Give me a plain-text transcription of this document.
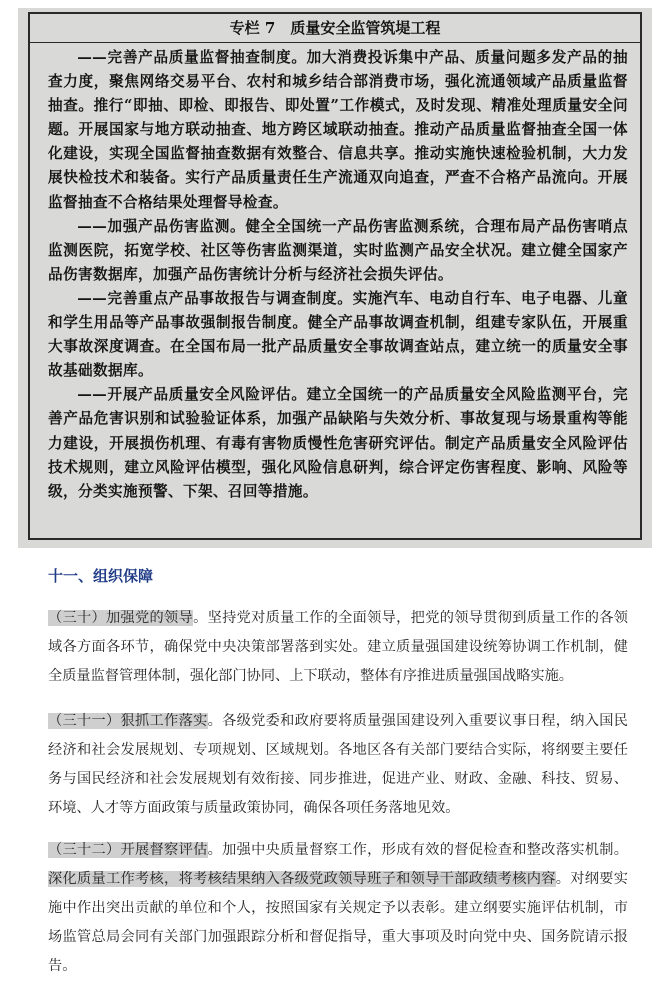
专栏 7　质量安全监管筑堤工程

——完善产品质量监督抽查制度。加大消费投诉集中产品、质量问题多发产品的抽查力度，聚焦网络交易平台、农村和城乡结合部消费市场，强化流通领域产品质量监督抽查。推行“即抽、即检、即报告、即处置”工作模式，及时发现、精准处理质量安全问题。开展国家与地方联动抽查、地方跨区域联动抽查。推动产品质量监督抽查全国一体化建设，实现全国监督抽查数据有效整合、信息共享。推动实施快速检验机制，大力发展快检技术和装备。实行产品质量责任生产流通双向追查，严查不合格产品流向。开展监督抽查不合格结果处理督导检查。

——加强产品伤害监测。健全全国统一产品伤害监测系统，合理布局产品伤害哨点监测医院，拓宽学校、社区等伤害监测渠道，实时监测产品安全状况。建立健全国家产品伤害数据库，加强产品伤害统计分析与经济社会损失评估。

——完善重点产品事故报告与调查制度。实施汽车、电动自行车、电子电器、儿童和学生用品等产品事故强制报告制度。健全产品事故调查机制，组建专家队伍，开展重大事故深度调查。在全国布局一批产品质量安全事故调查站点，建立统一的质量安全事故基础数据库。

——开展产品质量安全风险评估。建立全国统一的产品质量安全风险监测平台，完善产品危害识别和试验验证体系，加强产品缺陷与失效分析、事故复现与场景重构等能力建设，开展损伤机理、有毒有害物质慢性危害研究评估。制定产品质量安全风险评估技术规则，建立风险评估模型，强化风险信息研判，综合评定伤害程度、影响、风险等级，分类实施预警、下架、召回等措施。

十一、组织保障

（三十）加强党的领导。坚持党对质量工作的全面领导，把党的领导贯彻到质量工作的各领域各方面各环节，确保党中央决策部署落到实处。建立质量强国建设统筹协调工作机制，健全质量监督管理体制，强化部门协同、上下联动，整体有序推进质量强国战略实施。

（三十一）狠抓工作落实。各级党委和政府要将质量强国建设列入重要议事日程，纳入国民经济和社会发展规划、专项规划、区域规划。各地区各有关部门要结合实际，将纲要主要任务与国民经济和社会发展规划有效衔接、同步推进，促进产业、财政、金融、科技、贸易、环境、人才等方面政策与质量政策协同，确保各项任务落地见效。

（三十二）开展督察评估。加强中央质量督察工作，形成有效的督促检查和整改落实机制。深化质量工作考核，将考核结果纳入各级党政领导班子和领导干部政绩考核内容。对纲要实施中作出突出贡献的单位和个人，按照国家有关规定予以表彰。建立纲要实施评估机制，市场监管总局会同有关部门加强跟踪分析和督促指导，重大事项及时向党中央、国务院请示报告。
